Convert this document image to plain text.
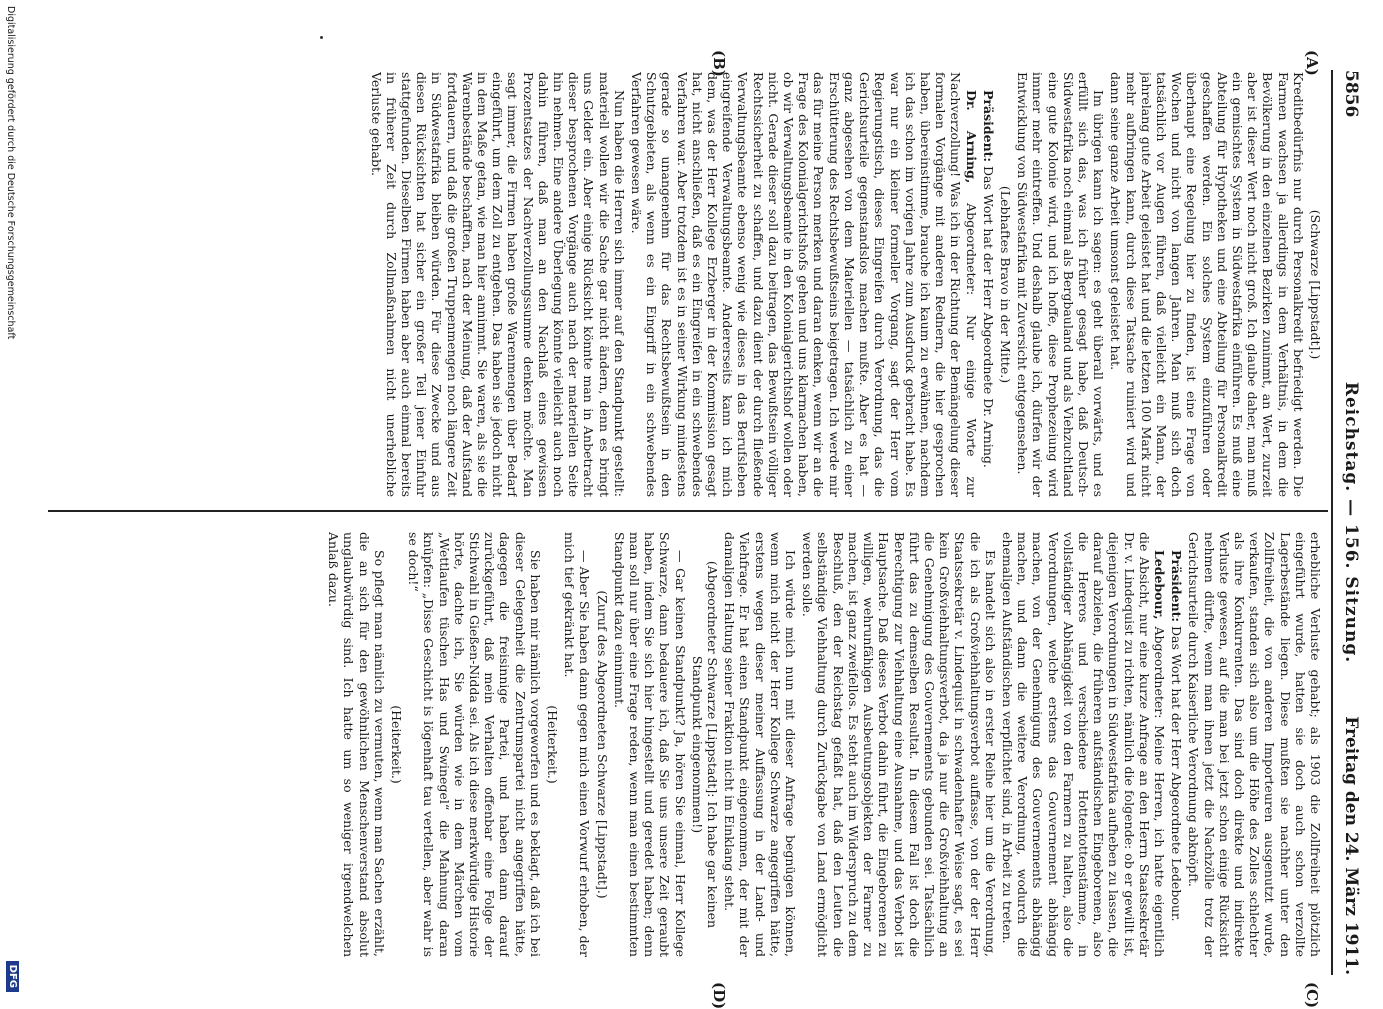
5856
Reichstag. — 156. Sitzung.
Freitag den 24. März 1911.
(A)
(B)
(C)
(D)

(Schwarze [Lippstadt].)

Kreditbedürfnis nur durch Personalkredit befriedigt werden. Die Farmen wachsen ja allerdings in dem Verhältnis, in dem die Bevölkerung in den einzelnen Bezirken zunimmt, an Wert, zurzeit aber ist dieser Wert noch nicht groß. Ich glaube daher, man muß ein gemischtes System in Südwestafrika einführen. Es muß eine Abteilung für Hypotheken und eine Abteilung für Personalkredit geschaffen werden. Ein solches System einzuführen oder überhaupt eine Regelung hier zu finden, ist eine Frage von Wochen und nicht von langen Jahren. Man muß sich doch tatsächlich vor Augen führen, daß vielleicht ein Mann, der jahrelang gute Arbeit geleistet hat und die letzten 100 Mark nicht mehr aufbringen kann, durch diese Tatsache ruiniert wird und dann seine ganze Arbeit umsonst geleistet hat.

Im übrigen kann ich sagen: es geht überall vorwärts, und es erfüllt sich das, was ich früher gesagt habe, daß Deutsch-Südwestafrika noch einmal als Bergbauland und als Viehzuchtland eine gute Kolonie wird, und ich hoffe, diese Prophezeiung wird immer mehr eintreffen. Und deshalb glaube ich, dürfen wir der Entwicklung von Südwestafrika mit Zuversicht entgegensehen.

(Lebhaftes Bravo in der Mitte.)

Präsident: Das Wort hat der Herr Abgeordnete Dr. Arning.

Dr. Arning, Abgeordneter: Nur einige Worte zur Nachverzollung! Was ich in der Richtung der Bemängelung dieser formalen Vorgänge mit anderen Rednern, die hier gesprochen haben, übereinstimme, brauche ich kaum zu erwähnen, nachdem ich das schon im vorigen Jahre zum Ausdruck gebracht habe. Es war nur ein kleiner formeller Vorgang, sagt der Herr vom Regierungstisch, dieses Eingreifen durch Verordnung, das die Gerichtsurteile gegenstandslos machen mußte. Aber es hat — ganz abgesehen von dem Materiellen — tatsächlich zu einer Erschütterung des Rechtsbewußtseins beigetragen. Ich werde mir das für meine Person merken und daran denken, wenn wir an die Frage des Kolonialgerichtshofs gehen und uns klarmachen haben, ob wir Verwaltungsbeamte in den Kolonialgerichtshof wollen oder nicht. Gerade dieser soll dazu beitragen, das Bewußtsein völliger Rechtssicherheit zu schaffen, und dazu dient der durch fließende Verwaltungsbeamte ebenso wenig wie dieses in das Berufsleben eingreifende Verwaltungsbeamte. Andererseits kann ich mich dem, was der Herr Kollege Erzberger in der Kommission gesagt hat, nicht anschließen, daß es ein Eingreifen in ein schwebendes Verfahren war. Aber trotzdem ist es in seiner Wirkung mindestens gerade so unangenehm für das Rechtsbewußtsein in den Schutzgebieten, als wenn es ein Eingriff in ein schwebendes Verfahren gewesen wäre.

Nun haben die Herren sich immer auf den Standpunkt gestellt: materiell wollen wir die Sache gar nicht ändern, denn es bringt uns Gelder ein. Aber einige Rücksicht könnte man in Anbetracht dieser besprochenen Vorgänge auch nach der materiellen Seite hin nehmen. Eine andere Überlegung könnte vielleicht auch noch dahin führen, daß man an den Nachlaß eines gewissen Prozentsatzes der Nachverzollungssumme denken möchte. Man sagt immer, die Firmen haben große Warenmengen über Bedarf eingeführt, um dem Zoll zu entgehen. Das haben sie jedoch nicht in dem Maße getan, wie man hier annimmt. Sie waren, als sie die Warenbestände beschafften, nach der Meinung, daß der Aufstand fortdauern, und daß die großen Truppenmengen noch längere Zeit in Südwestafrika bleiben würden. Für diese Zwecke und aus diesen Rücksichten hat sicher ein großer Teil jener Einfuhr stattgefunden. Dieselben Firmen haben aber auch einmal bereits in früherer Zeit durch Zollmaßnahmen nicht unerhebliche Verluste gehabt.

erhebliche Verluste gehabt; als 1903 die Zollfreiheit plötzlich eingeführt wurde, hatten sie doch auch schon verzollte Lagerbestände liegen. Diese mußten sie nachher unter den Zollfreiheit, die von anderen Importeuren ausgenutzt wurde, verkaufen, standen sich also um die Höhe des Zolles schlechter als ihre Konkurrenten. Das sind doch direkte und indirekte Verluste gewesen, auf die man bei jetzt schon einige Rücksicht nehmen dürfte, wenn man ihnen jetzt die Nachzölle trotz der Gerichtsurteile durch Kaiserliche Verordnung abknöpft.

Präsident: Das Wort hat der Herr Abgeordnete Ledebour.

Ledebour, Abgeordneter: Meine Herren, ich hatte eigentlich die Absicht, nur eine kurze Anfrage an den Herrn Staatssekretär Dr. v. Lindequist zu richten, nämlich die folgende: ob er gewillt ist, diejenigen Verordnungen in Südwestafrika aufheben zu lassen, die darauf abzielen, die früheren aufständischen Eingeborenen, also die Hereros und verschiedene Hottentottenstämme, in vollständiger Abhängigkeit von den Farmern zu halten, also die Verordnungen, welche erstens das Gouvernement abhängig machen, von der Genehmigung des Gouvernements abhängig machen, und dann die weitere Verordnung, wodurch die ehemaligen Aufständischen verpflichtet sind, in Arbeit zu treten.

Es handelt sich also in erster Reihe hier um die Verordnung, die ich als Großviehhaltungsverbot auffasse, von der der Herr Staatssekretär v. Lindequist in schwadenhafter Weise sagt, es sei kein Großviehhaltungsverbot, da ja nur die Großviehhaltung an die Genehmigung des Gouvernements gebunden sei. Tatsächlich führt das zu demselben Resultat. In diesem Fall ist doch die Berechtigung zur Viehhaltung eine Ausnahme, und das Verbot ist Hauptsache. Daß dieses Verbot dahin führt, die Eingeborenen zu willigen, wehrunfähigen Ausbeutungsobjekten der Farmer zu machen, ist ganz zweifellos. Es steht auch im Widerspruch zu dem Beschluß, den der Reichstag gefaßt hat, daß den Leuten die selbständige Viehhaltung durch Zurückgabe von Land ermöglicht werden solle.

Ich würde mich nun mit dieser Anfrage begnügen können, wenn mich nicht der Herr Kollege Schwarze angegriffen hätte, erstens wegen dieser meiner Auffassung in der Land- und Viehfrage. Er hat einen Standpunkt eingenommen, der mit der damaligen Haltung seiner Fraktion nicht im Einklang steht.

(Abgeordneter Schwarze [Lippstadt]: Ich habe gar keinen Standpunkt eingenommen!)

— Gar keinen Standpunkt? Ja, hören Sie einmal, Herr Kollege Schwarze, dann bedauere ich, daß Sie uns unsere Zeit geraubt haben, indem Sie sich hier hingestellt und geredet haben; denn man soll nur über eine Frage reden, wenn man einen bestimmten Standpunkt dazu einnimmt.

(Zuruf des Abgeordneten Schwarze [Lippstadt].)

— Aber Sie haben dann gegen mich einen Vorwurf erhoben, der mich tief gekränkt hat.

(Heiterkeit.)

Sie haben mir nämlich vorgeworfen und es beklagt, daß ich bei dieser Gelegenheit die Zentrumspartei nicht angegriffen hätte, dagegen die freisinnige Partei, und haben dann darauf zurückgeführt, daß mein Verhalten offenbar eine Folge der Stichwahl in Gießen-Nidda sei. Als ich diese merkwürdige Historie hörte, dachte ich, Sie würden wie in dem Märchen vom „Wettlaufen tüschen Has und Swinegel“ die Mahnung daran knüpfen: „Disse Geschicht is lögenhaft tau vertellen, aber wahr is se doch!“

(Heiterkeit.)

So pflegt man nämlich zu vermuten, wenn man Sachen erzählt, die an sich für den gewöhnlichen Menschenverstand absolut unglaubwürdig sind. Ich hatte um so weniger irgendwelchen Anlaß dazu.

Digitalisierung gefördert durch die Deutsche Forschungsgemeinschaft
DFG
